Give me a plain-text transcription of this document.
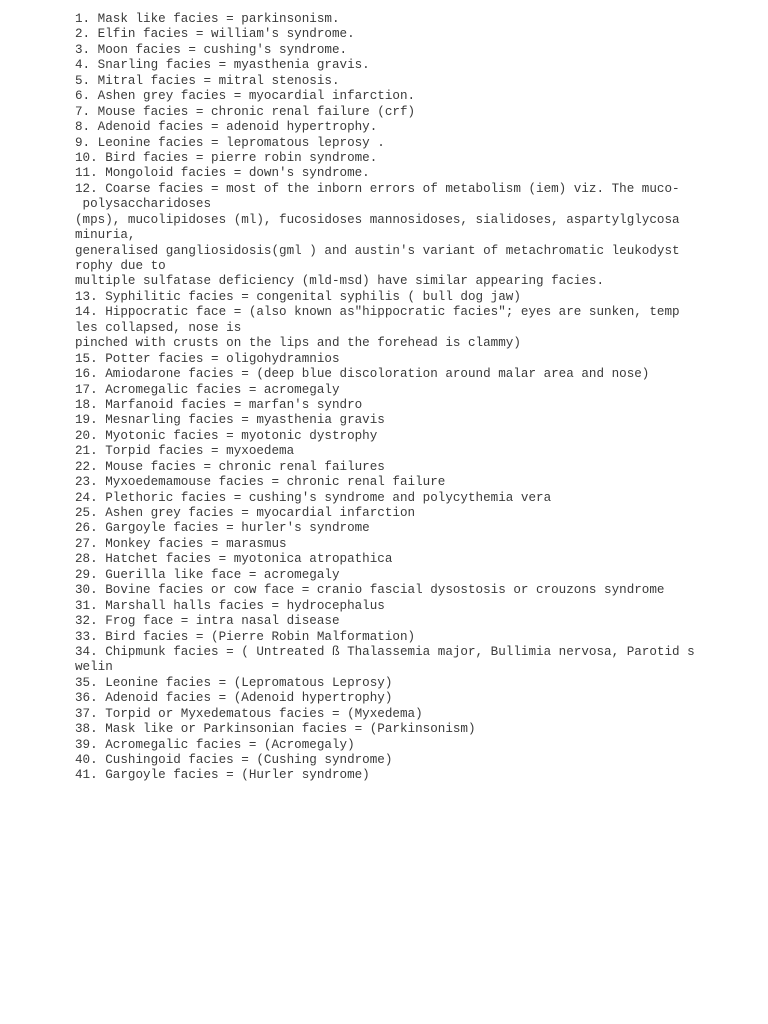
1. Mask like facies = parkinsonism.
2. Elfin facies = william's syndrome.
3. Moon facies = cushing's syndrome.
4. Snarling facies = myasthenia gravis.
5. Mitral facies = mitral stenosis.
6. Ashen grey facies = myocardial infarction.
7. Mouse facies = chronic renal failure (crf)
8. Adenoid facies = adenoid hypertrophy.
9. Leonine facies = lepromatous leprosy .
10. Bird facies = pierre robin syndrome.
11. Mongoloid facies = down's syndrome.
12. Coarse facies = most of the inborn errors of metabolism (iem) viz. The muco-
polysaccharidoses
(mps), mucolipidoses (ml), fucosidoses mannosidoses, sialidoses, aspartylglycosa
minuria,
generalised gangliosidosis(gml ) and austin's variant of metachromatic leukodyst
rophy due to
multiple sulfatase deficiency (mld-msd) have similar appearing facies.
13. Syphilitic facies = congenital syphilis ( bull dog jaw)
14. Hippocratic face = (also known as"hippocratic facies"; eyes are sunken, temp
les collapsed, nose is
pinched with crusts on the lips and the forehead is clammy)
15. Potter facies = oligohydramnios
16. Amiodarone facies = (deep blue discoloration around malar area and nose)
17. Acromegalic facies = acromegaly
18. Marfanoid facies = marfan's syndro
19. Mesnarling facies = myasthenia gravis
20. Myotonic facies = myotonic dystrophy
21. Torpid facies = myxoedema
22. Mouse facies = chronic renal failures
23. Myxoedemamouse facies = chronic renal failure
24. Plethoric facies = cushing's syndrome and polycythemia vera
25. Ashen grey facies = myocardial infarction
26. Gargoyle facies = hurler's syndrome
27. Monkey facies = marasmus
28. Hatchet facies = myotonica atropathica
29. Guerilla like face = acromegaly
30. Bovine facies or cow face = cranio fascial dysostosis or crouzons syndrome
31. Marshall halls facies = hydrocephalus
32. Frog face = intra nasal disease
33. Bird facies = (Pierre Robin Malformation)
34. Chipmunk facies = ( Untreated ß Thalassemia major, Bullimia nervosa, Parotid s
welin
35. Leonine facies = (Lepromatous Leprosy)
36. Adenoid facies = (Adenoid hypertrophy)
37. Torpid or Myxedematous facies = (Myxedema)
38. Mask like or Parkinsonian facies = (Parkinsonism)
39. Acromegalic facies = (Acromegaly)
40. Cushingoid facies = (Cushing syndrome)
41. Gargoyle facies = (Hurler syndrome)
